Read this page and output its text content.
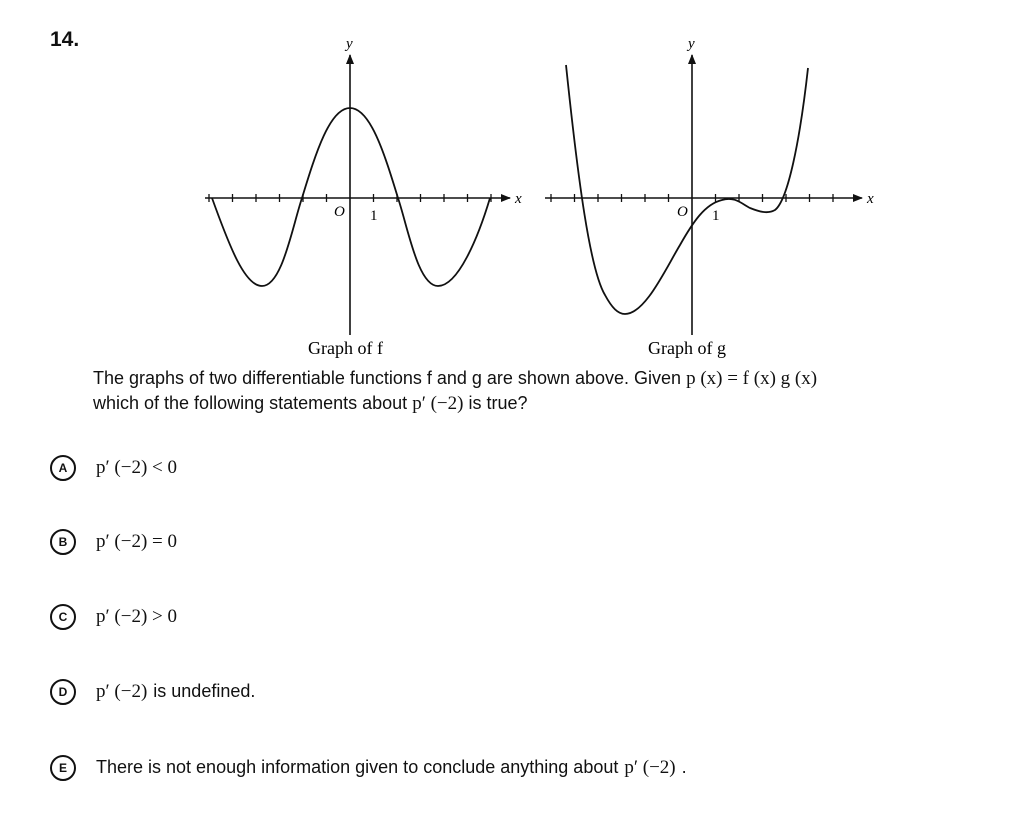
14.	y
x
O 1
y
x
O 1
Graph of f	Graph of g
The graphs of two differentiable functions f and g are shown above. Given p (x) = f (x) g (x)
which of the following statements about p′ (−2) is true?
A	p′ (−2) < 0
B	p′ (−2) = 0
C	p′ (−2) > 0
D	p′ (−2) is undefined.
E	There is not enough information given to conclude anything about p′ (−2) .
